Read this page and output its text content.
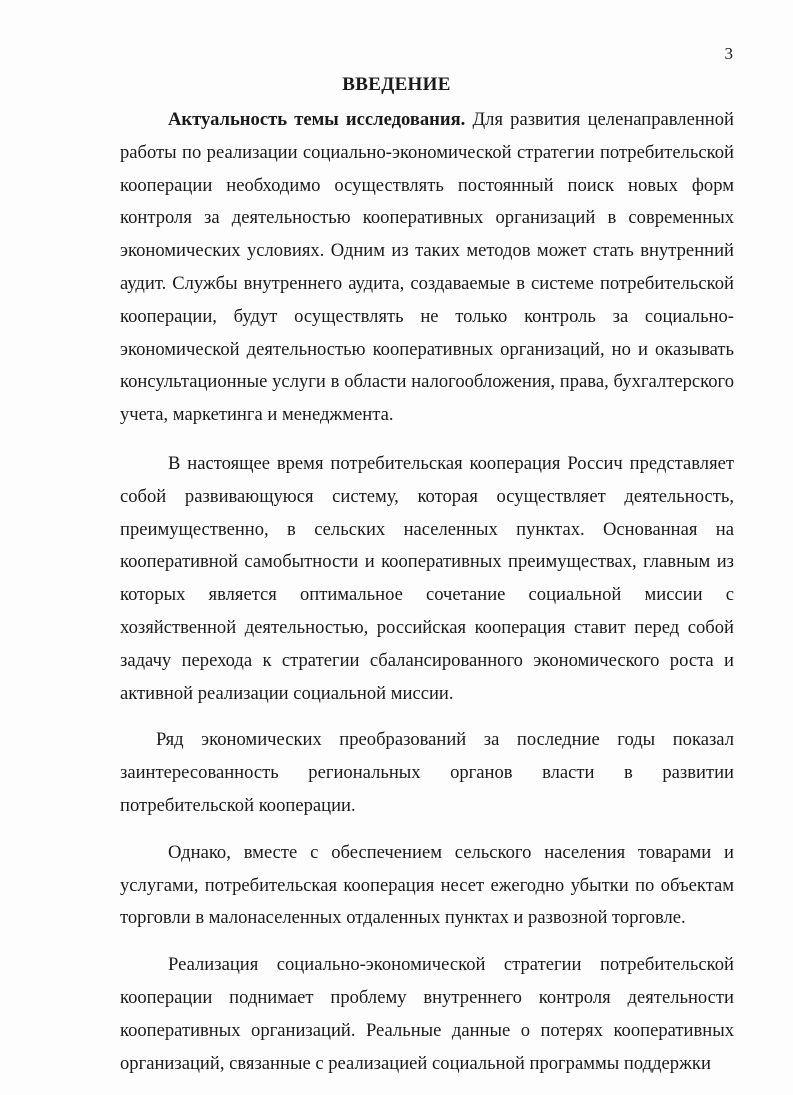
3
ВВЕДЕНИЕ

Актуальность темы исследования. Для развития целенаправленной работы по реализации социально-экономической стратегии потребительской кооперации необходимо осуществлять постоянный поиск новых форм контроля за деятельностью кооперативных организаций в современных экономических условиях. Одним из таких методов может стать внутренний аудит. Службы внутреннего аудита, создаваемые в системе потребительской кооперации, будут осуществлять не только контроль за социально-экономической деятельностью кооперативных организаций, но и оказывать консультационные услуги в области налогообложения, права, бухгалтерского учета, маркетинга и менеджмента.

В настоящее время потребительская кооперация Россич представляет собой развивающуюся систему, которая осуществляет деятельность, преимущественно, в сельских населенных пунктах. Основанная на кооперативной самобытности и кооперативных преимуществах, главным из которых является оптимальное сочетание социальной миссии с хозяйственной деятельностью, российская кооперация ставит перед собой задачу перехода к стратегии сбалансированного экономического роста и активной реализации социальной миссии.

Ряд экономических преобразований за последние годы показал заинтересованность региональных органов власти в развитии потребительской кооперации.

Однако, вместе с обеспечением сельского населения товарами и услугами, потребительская кооперация несет ежегодно убытки по объектам торговли в малонаселенных отдаленных пунктах и развозной торговле.

Реализация социально-экономической стратегии потребительской кооперации поднимает проблему внутреннего контроля деятельности кооперативных организаций. Реальные данные о потерях кооперативных организаций, связанные с реализацией социальной программы поддержки
